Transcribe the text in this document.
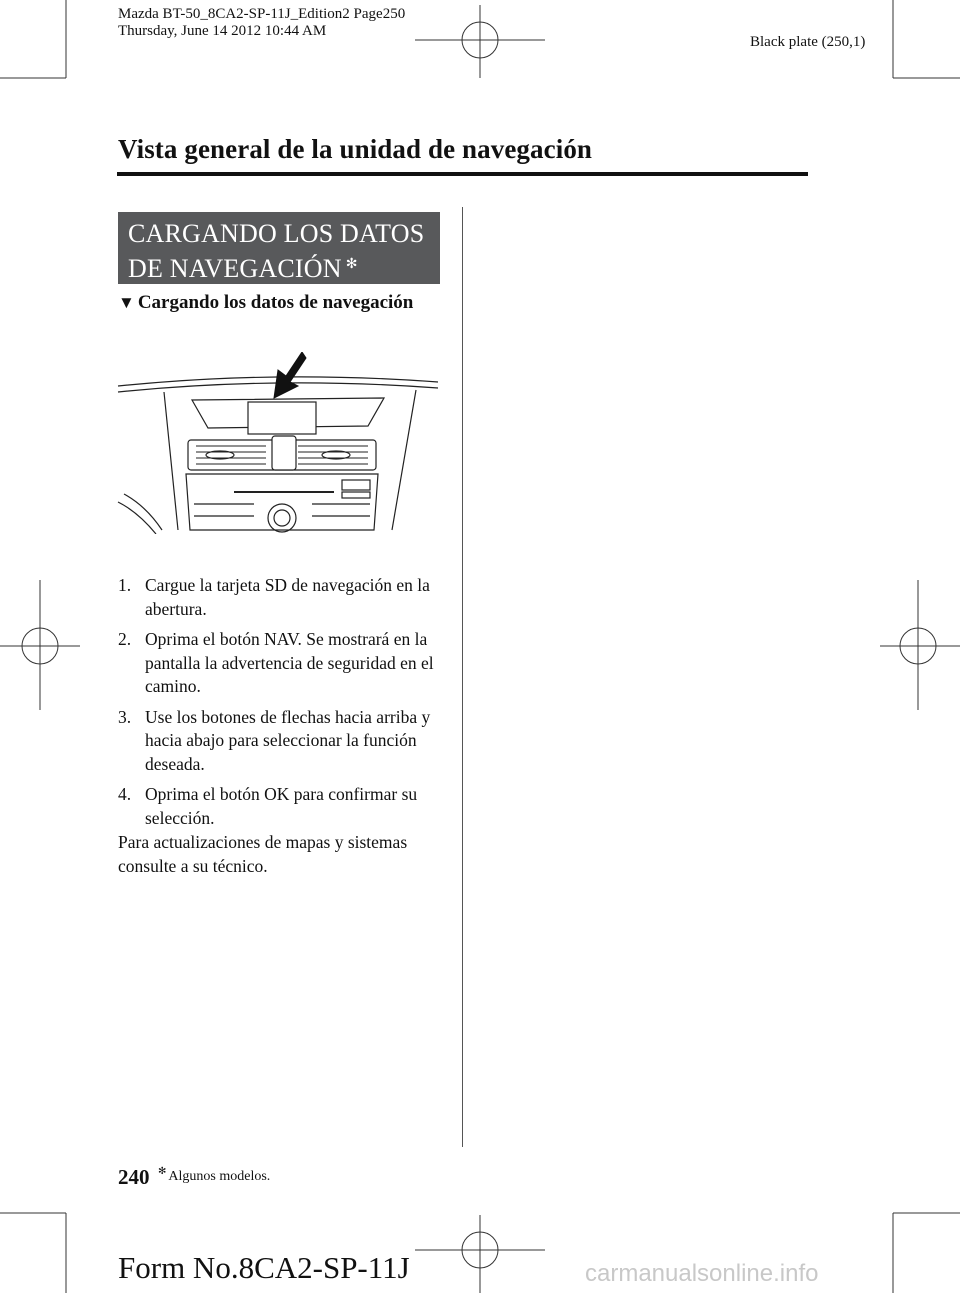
Mazda BT-50_8CA2-SP-11J_Edition2 Page250
Thursday, June 14 2012 10:44 AM
Black plate (250,1)
Vista general de la unidad de navegación
CARGANDO LOS DATOS
DE NAVEGACIÓN ✻
▼ Cargando los datos de navegación
1. Cargue la tarjeta SD de navegación en la abertura.
2. Oprima el botón NAV. Se mostrará en la pantalla la advertencia de seguridad en el camino.
3. Use los botones de flechas hacia arriba y hacia abajo para seleccionar la función deseada.
4. Oprima el botón OK para confirmar su selección.
Para actualizaciones de mapas y sistemas consulte a su técnico.
240 ✻ Algunos modelos.
Form No.8CA2-SP-11J	carmanualsonline.info
